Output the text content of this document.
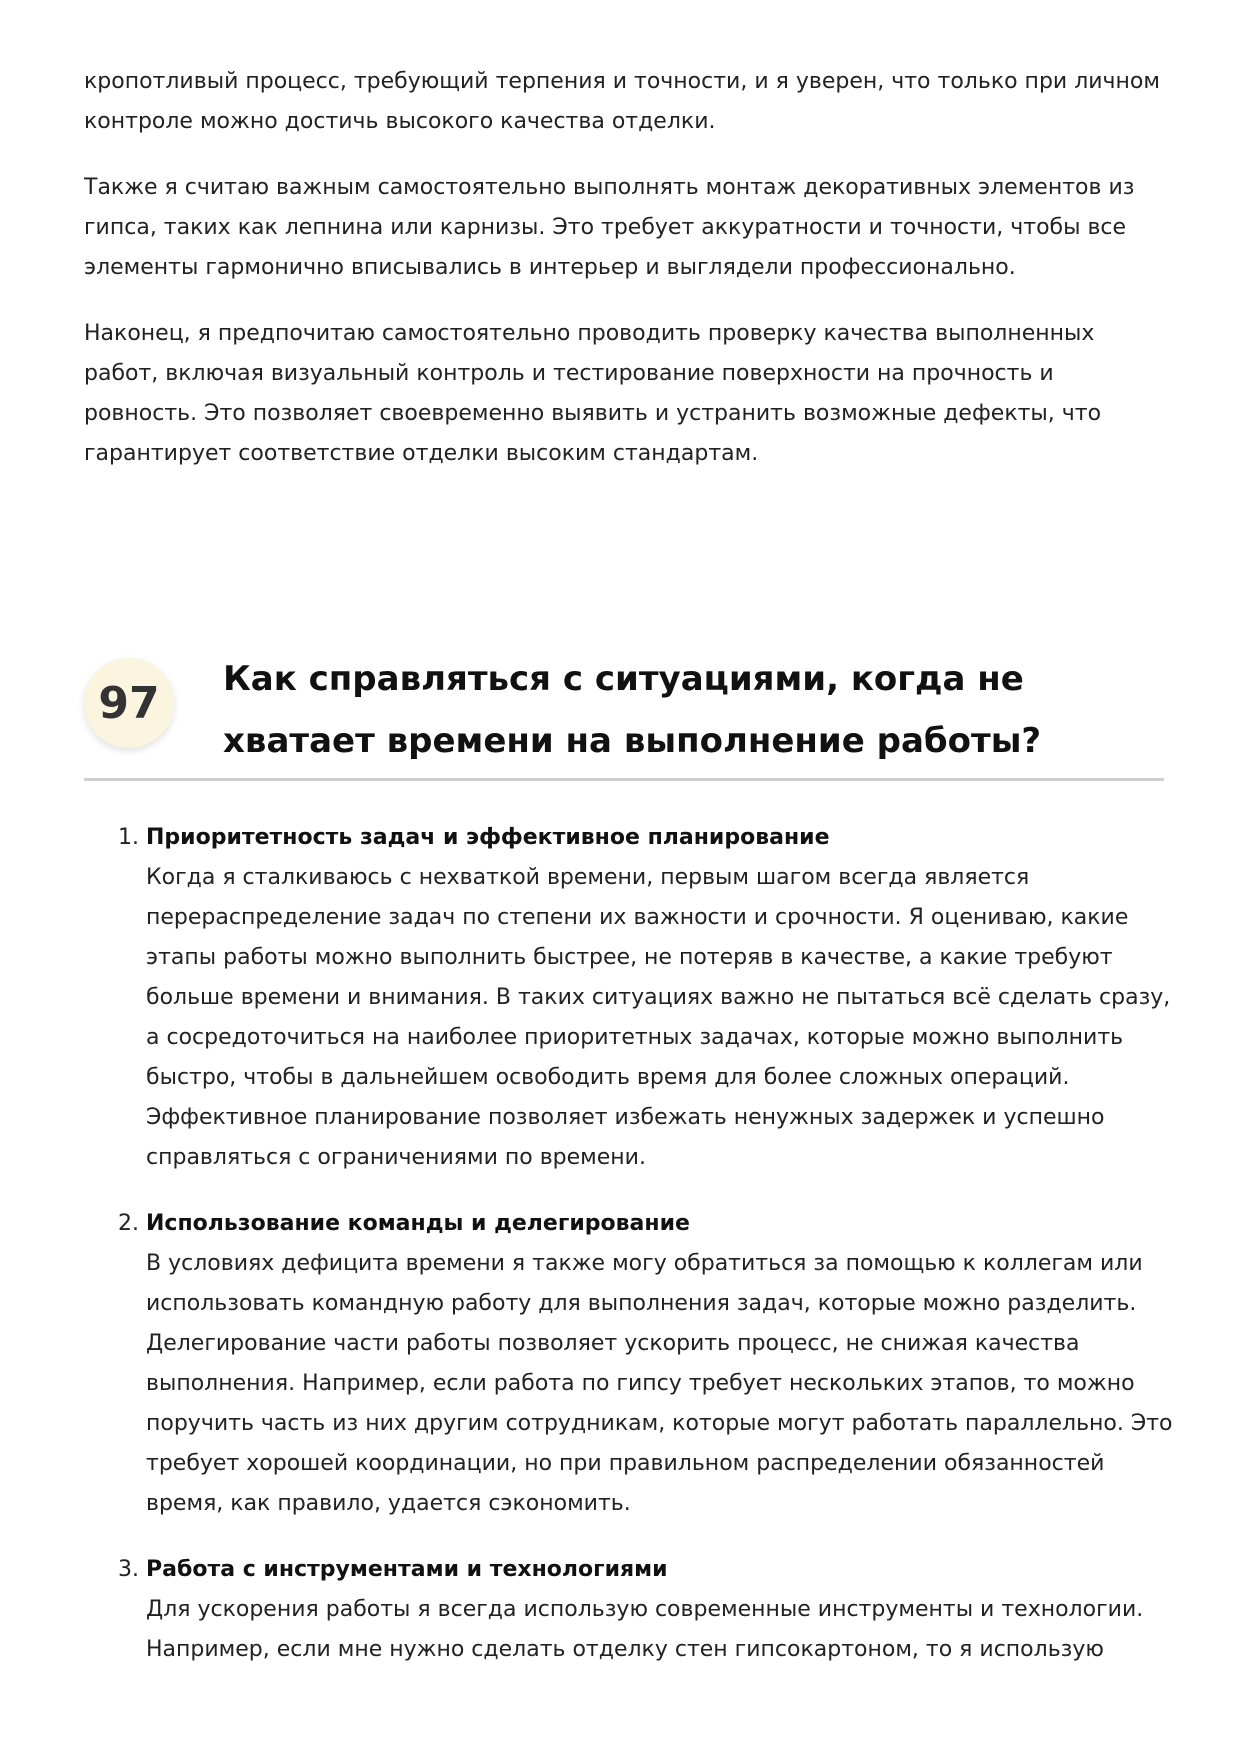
кропотливый процесс, требующий терпения и точности, и я уверен, что только при личном контроле можно достичь высокого качества отделки.

Также я считаю важным самостоятельно выполнять монтаж декоративных элементов из гипса, таких как лепнина или карнизы. Это требует аккуратности и точности, чтобы все элементы гармонично вписывались в интерьер и выглядели профессионально.

Наконец, я предпочитаю самостоятельно проводить проверку качества выполненных работ, включая визуальный контроль и тестирование поверхности на прочность и ровность. Это позволяет своевременно выявить и устранить возможные дефекты, что гарантирует соответствие отделки высоким стандартам.

97	Как справляться с ситуациями, когда не хватает времени на выполнение работы?
1. Приоритетность задач и эффективное планирование
Когда я сталкиваюсь с нехваткой времени, первым шагом всегда является перераспределение задач по степени их важности и срочности. Я оцениваю, какие этапы работы можно выполнить быстрее, не потеряв в качестве, а какие требуют больше времени и внимания. В таких ситуациях важно не пытаться всё сделать сразу, а сосредоточиться на наиболее приоритетных задачах, которые можно выполнить быстро, чтобы в дальнейшем освободить время для более сложных операций. Эффективное планирование позволяет избежать ненужных задержек и успешно справляться с ограничениями по времени.
2. Использование команды и делегирование
В условиях дефицита времени я также могу обратиться за помощью к коллегам или использовать командную работу для выполнения задач, которые можно разделить. Делегирование части работы позволяет ускорить процесс, не снижая качества выполнения. Например, если работа по гипсу требует нескольких этапов, то можно поручить часть из них другим сотрудникам, которые могут работать параллельно. Это требует хорошей координации, но при правильном распределении обязанностей время, как правило, удается сэкономить.
3. Работа с инструментами и технологиями
Для ускорения работы я всегда использую современные инструменты и технологии. Например, если мне нужно сделать отделку стен гипсокартоном, то я использую
